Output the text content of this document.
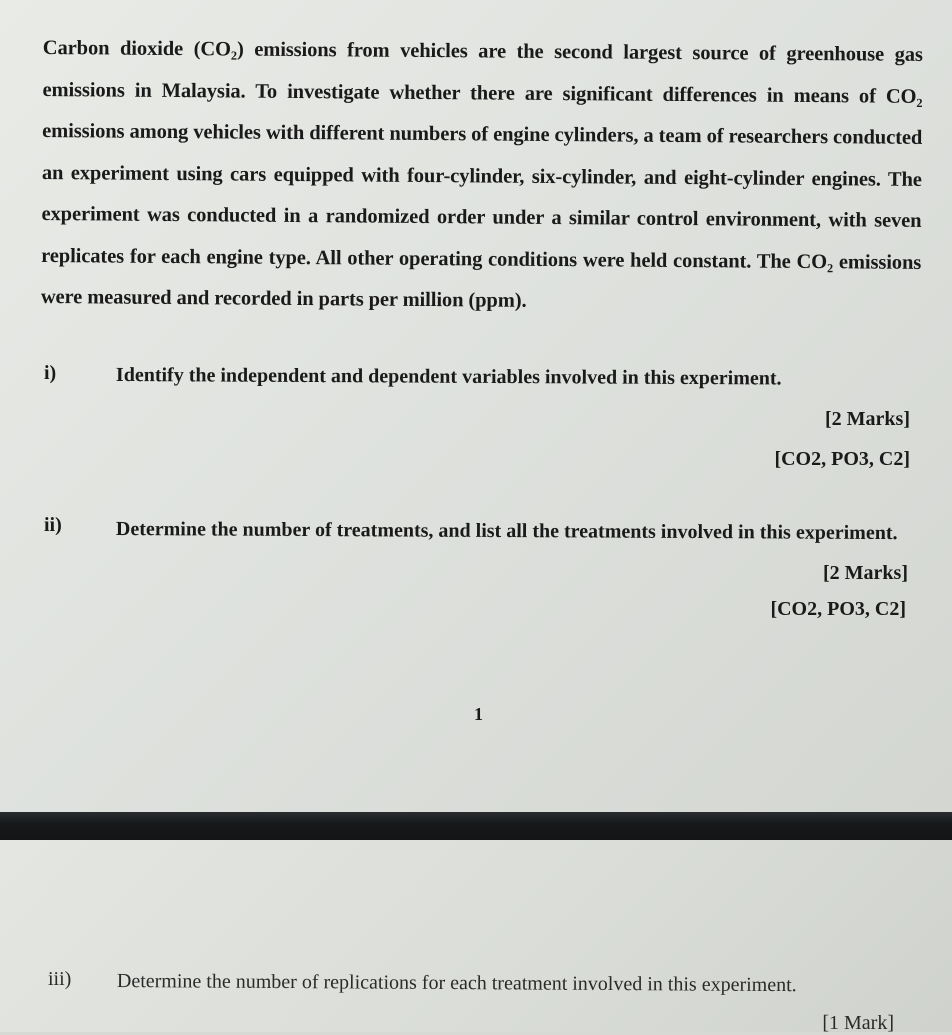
Carbon dioxide (CO₂) emissions from vehicles are the second largest source of greenhouse gas emissions in Malaysia. To investigate whether there are significant differences in means of CO₂ emissions among vehicles with different numbers of engine cylinders, a team of researchers conducted an experiment using cars equipped with four-cylinder, six-cylinder, and eight-cylinder engines. The experiment was conducted in a randomized order under a similar control environment, with seven replicates for each engine type. All other operating conditions were held constant. The CO₂ emissions were measured and recorded in parts per million (ppm).
i)	Identify the independent and dependent variables involved in this experiment.
[2 Marks]
[CO2, PO3, C2]
ii)	Determine the number of treatments, and list all the treatments involved in this experiment.
[2 Marks]
[CO2, PO3, C2]
1
iii) Determine the number of replications for each treatment involved in this experiment.
[1 Mark]
